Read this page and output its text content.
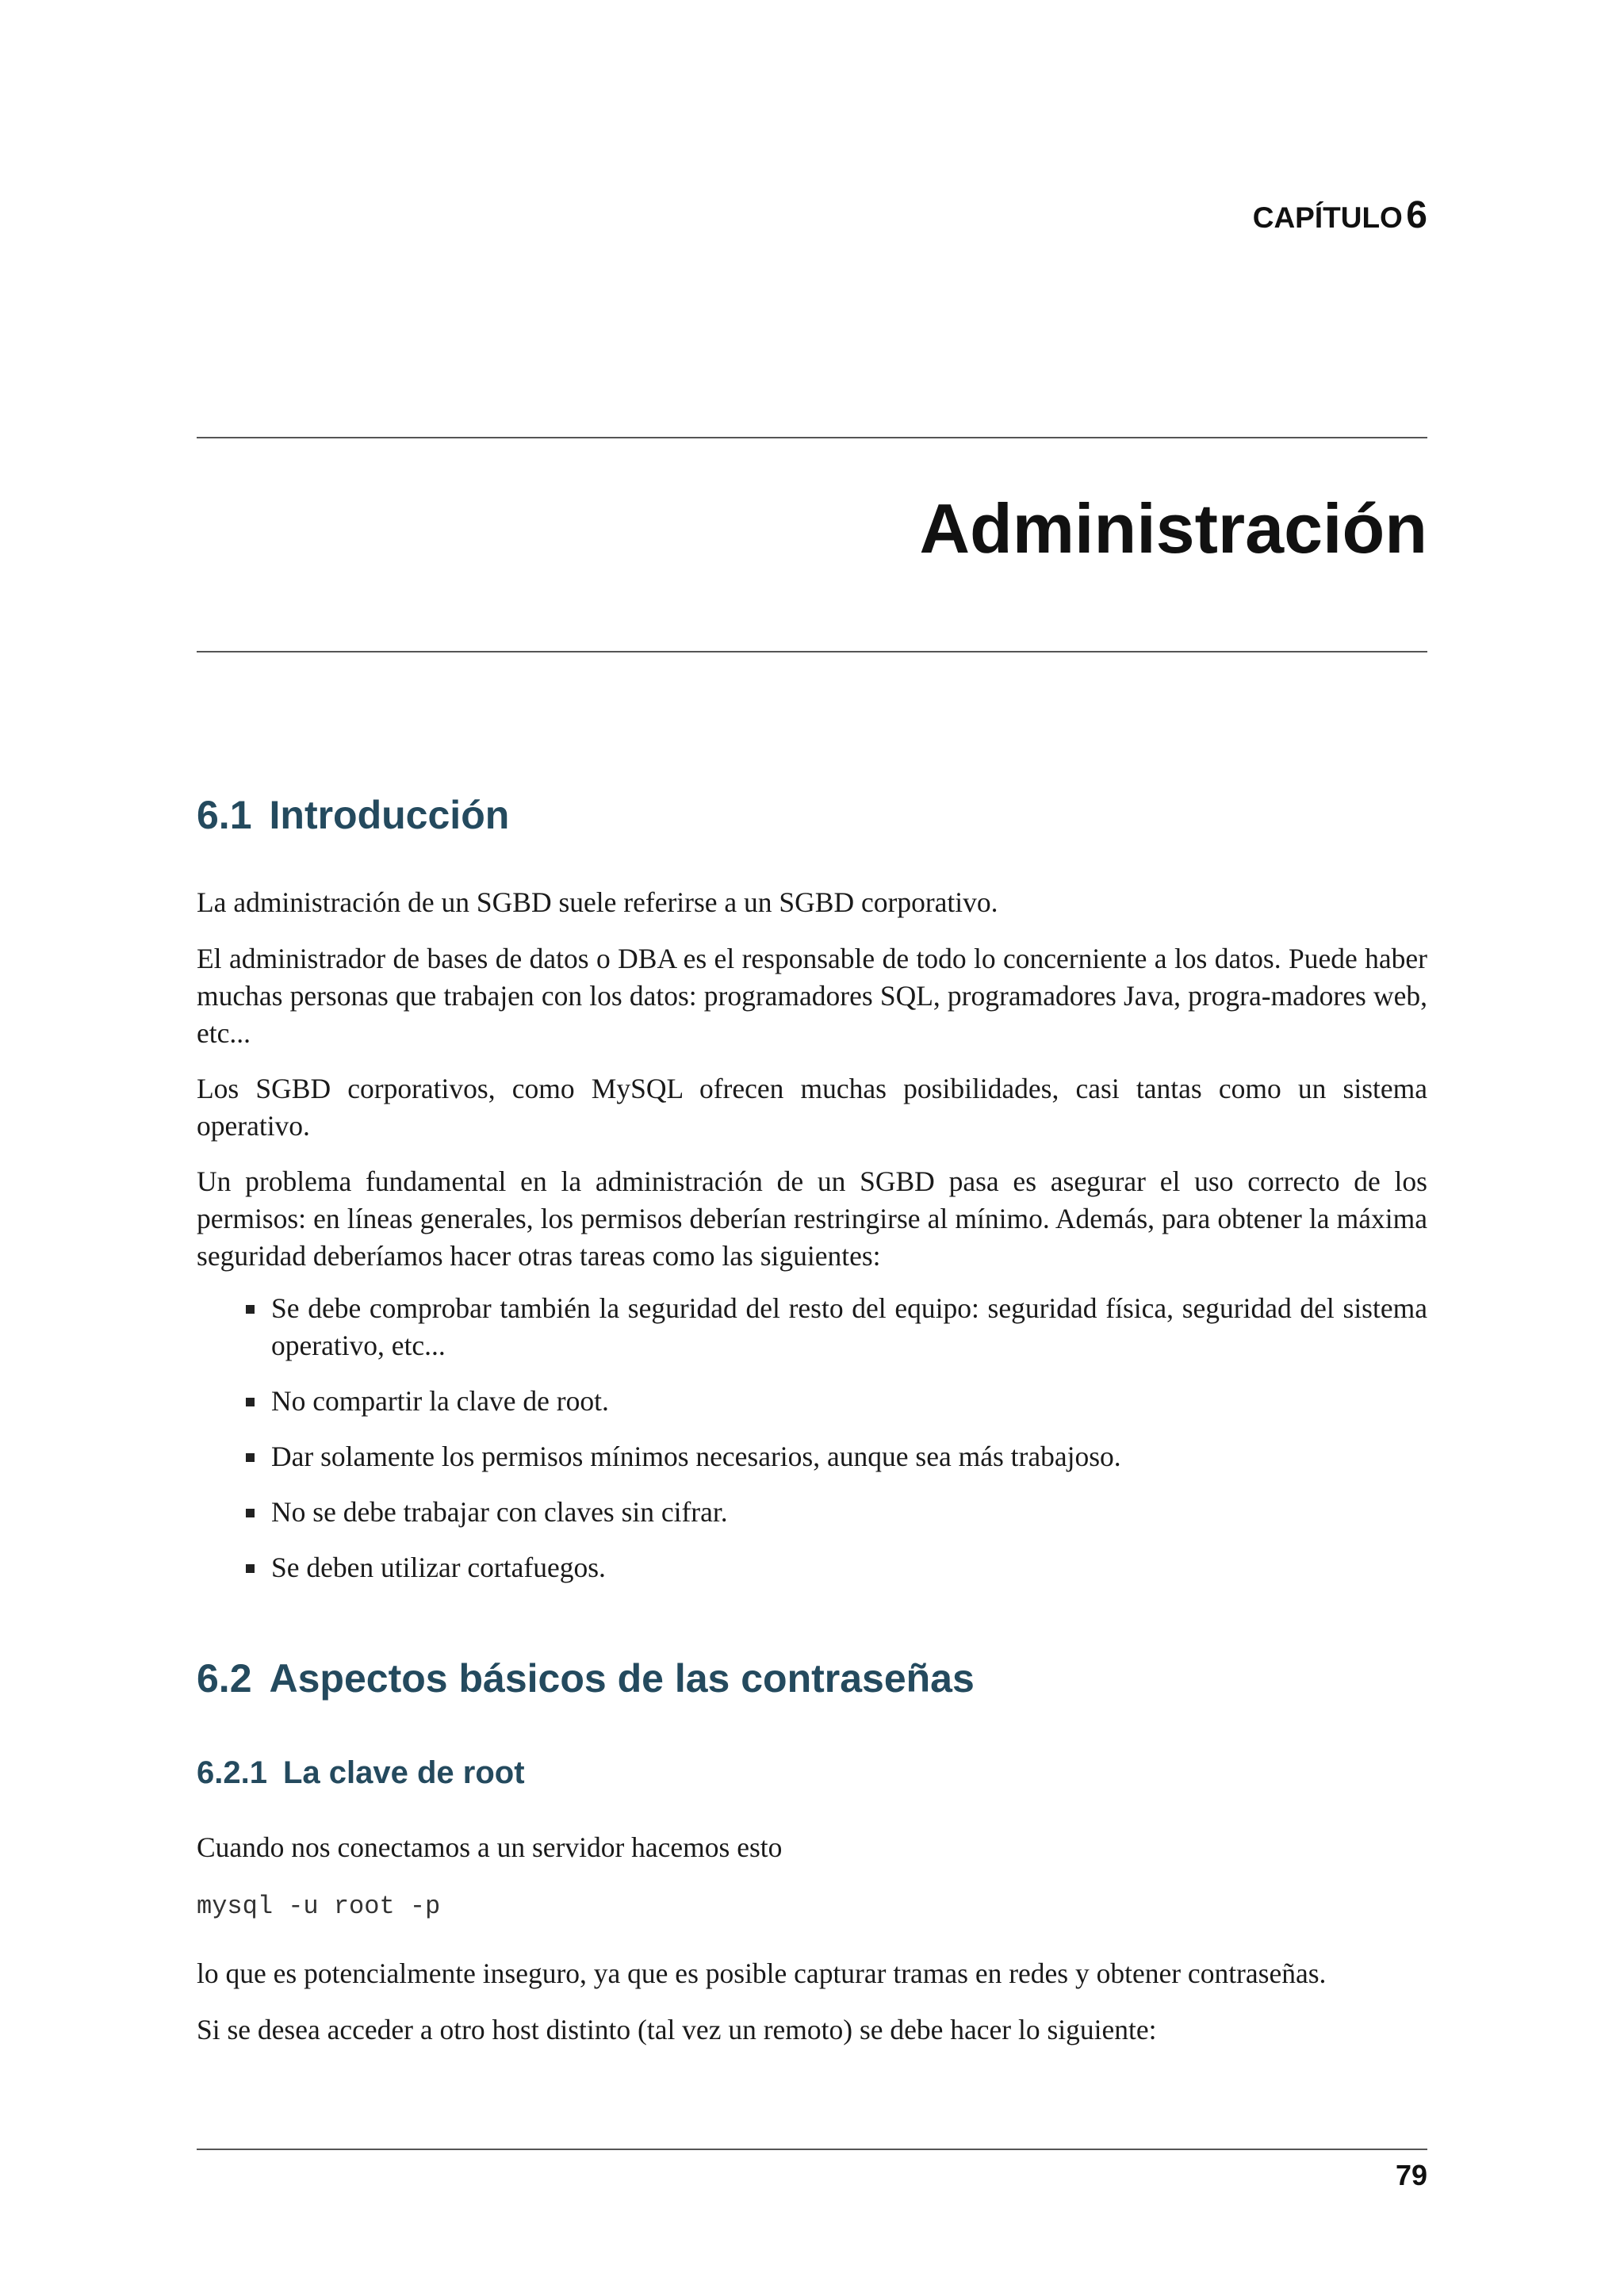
CAPÍTULO 6
Administración
6.1 Introducción

La administración de un SGBD suele referirse a un SGBD corporativo.

El administrador de bases de datos o DBA es el responsable de todo lo concerniente a los datos. Puede haber muchas personas que trabajen con los datos: programadores SQL, programadores Java, progra-madores web, etc...

Los SGBD corporativos, como MySQL ofrecen muchas posibilidades, casi tantas como un sistema operativo.

Un problema fundamental en la administración de un SGBD pasa es asegurar el uso correcto de los permisos: en líneas generales, los permisos deberían restringirse al mínimo. Además, para obtener la máxima seguridad deberíamos hacer otras tareas como las siguientes:

Se debe comprobar también la seguridad del resto del equipo: seguridad física, seguridad del sistema operativo, etc...
No compartir la clave de root.
Dar solamente los permisos mínimos necesarios, aunque sea más trabajoso.
No se debe trabajar con claves sin cifrar.
Se deben utilizar cortafuegos.
6.2 Aspectos básicos de las contraseñas
6.2.1 La clave de root

Cuando nos conectamos a un servidor hacemos esto

mysql -u root -p

lo que es potencialmente inseguro, ya que es posible capturar tramas en redes y obtener contraseñas.

Si se desea acceder a otro host distinto (tal vez un remoto) se debe hacer lo siguiente:

79
